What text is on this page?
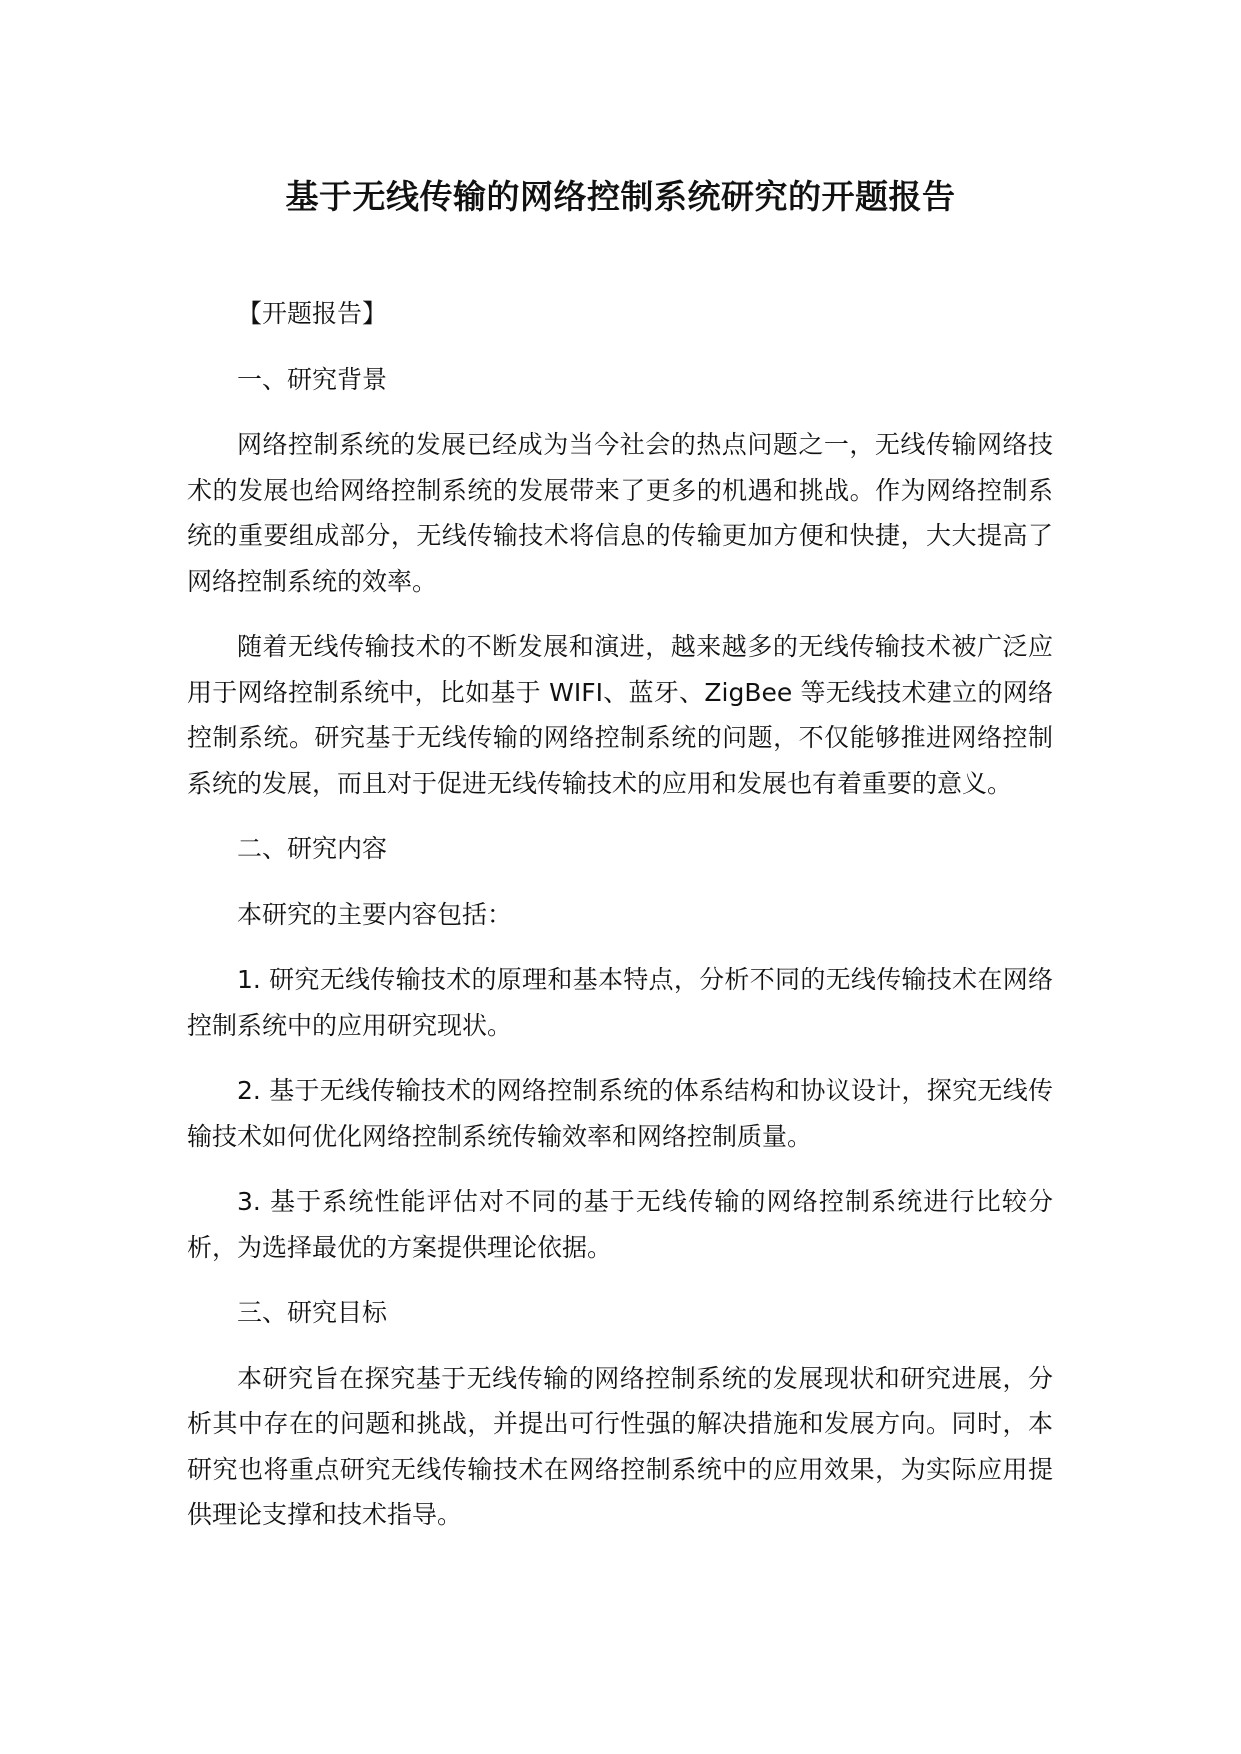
基于无线传输的网络控制系统研究的开题报告

【开题报告】

一、研究背景

网络控制系统的发展已经成为当今社会的热点问题之一，无线传输网络技术的发展也给网络控制系统的发展带来了更多的机遇和挑战。作为网络控制系统的重要组成部分，无线传输技术将信息的传输更加方便和快捷，大大提高了网络控制系统的效率。

随着无线传输技术的不断发展和演进，越来越多的无线传输技术被广泛应用于网络控制系统中，比如基于 WIFI、蓝牙、ZigBee 等无线技术建立的网络控制系统。研究基于无线传输的网络控制系统的问题，不仅能够推进网络控制系统的发展，而且对于促进无线传输技术的应用和发展也有着重要的意义。

二、研究内容

本研究的主要内容包括：

1. 研究无线传输技术的原理和基本特点，分析不同的无线传输技术在网络控制系统中的应用研究现状。

2. 基于无线传输技术的网络控制系统的体系结构和协议设计，探究无线传输技术如何优化网络控制系统传输效率和网络控制质量。

3. 基于系统性能评估对不同的基于无线传输的网络控制系统进行比较分析，为选择最优的方案提供理论依据。

三、研究目标

本研究旨在探究基于无线传输的网络控制系统的发展现状和研究进展，分析其中存在的问题和挑战，并提出可行性强的解决措施和发展方向。同时，本研究也将重点研究无线传输技术在网络控制系统中的应用效果，为实际应用提供理论支撑和技术指导。
